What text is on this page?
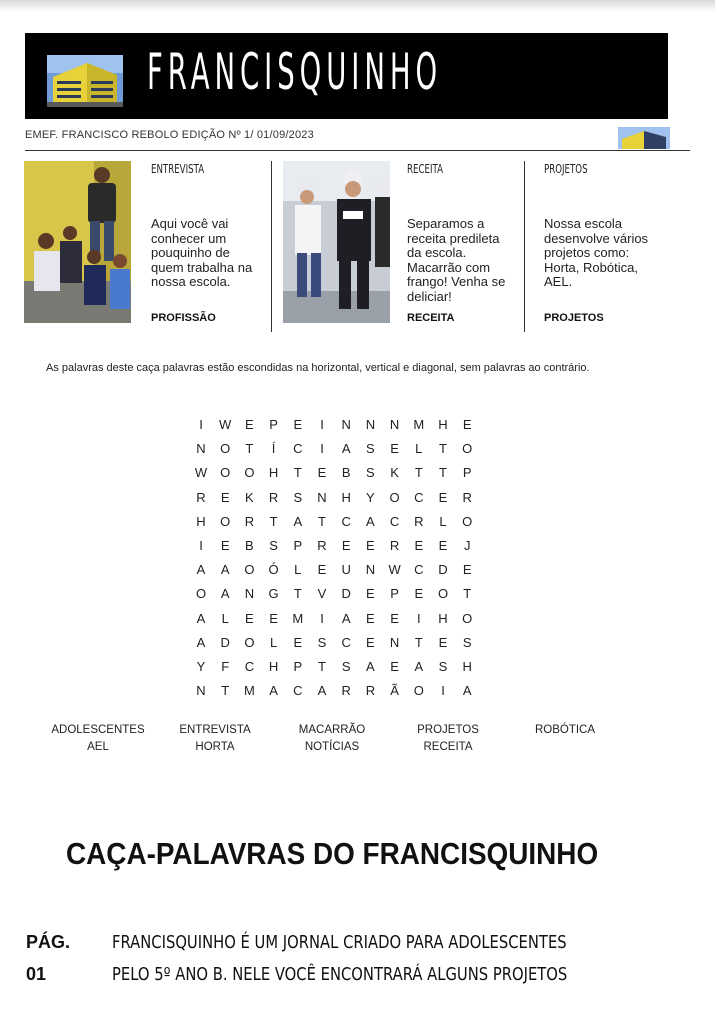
FRANCISQUINHO
EMEF. FRANCISCO REBOLO EDIÇÃO Nº 1/ 01/09/2023
ENTREVISTA
Aqui você vai conhecer um pouquinho de quem trabalha na nossa escola.
PROFISSÃO
RECEITA
Separamos a receita predileta da escola. Macarrão com frango! Venha se deliciar!
RECEITA
PROJETOS
Nossa escola desenvolve vários projetos como: Horta, Robótica, AEL.
PROJETOS
As palavras deste caça palavras estão escondidas na horizontal, vertical e diagonal, sem palavras ao contrário.
I	W	E	P	E	I	N	N	N	M	H	E
N	O	T	Í	C	I	A	S	E	L	T	O
W O	O	H	T	E	B	S	K	T	T	P
R	E	K	R	S	N	H	Y	O	C	E	R
H	O	R	T	A	T	C	A	C	R	L	O
I	E	B	S	P	R	E	E	R	E	E	J
A	A	O	Ó	L	E	U	N	W	C	D	E
O	A	N	G	T	V	D	E	P	E	O	T
A	L	E	E	M	I	A	E	E	I	H	O
A	D	O	L	E	S	C	E	N	T	E	S
Y	F	C	H	P	T	S	A	E	A	S	H
N	T	M	A	C	A	R	R	Ã	O	I	A
ADOLESCENTES
AEL
ENTREVISTA
HORTA
MACARRÃO
NOTÍCIAS
PROJETOS
RECEITA
ROBÓTICA
CAÇA-PALAVRAS DO FRANCISQUINHO
PÁG.
01
FRANCISQUINHO É UM JORNAL CRIADO PARA ADOLESCENTES
PELO 5º ANO B. NELE VOCÊ ENCONTRARÁ ALGUNS PROJETOS
